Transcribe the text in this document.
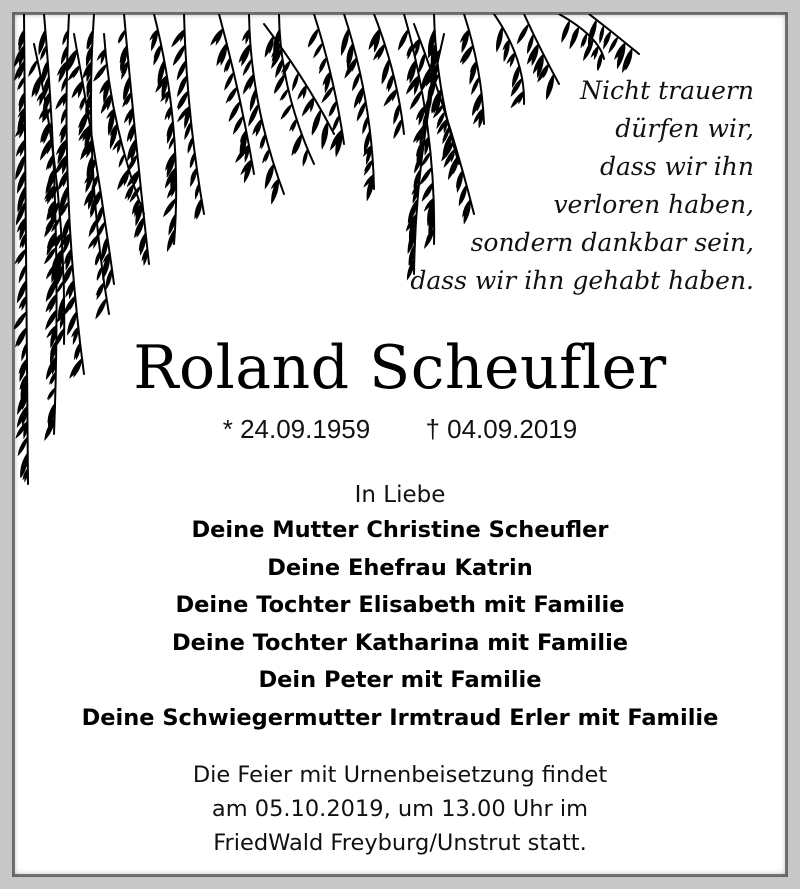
Nicht trauern
dürfen wir,
dass wir ihn
verloren haben,
sondern dankbar sein,
dass wir ihn gehabt haben.
Roland Scheufler
* 24.09.1959 † 04.09.2019
In Liebe
Deine Mutter Christine Scheufler
Deine Ehefrau Katrin
Deine Tochter Elisabeth mit Familie
Deine Tochter Katharina mit Familie
Dein Peter mit Familie
Deine Schwiegermutter Irmtraud Erler mit Familie
Die Feier mit Urnenbeisetzung findet
am 05.10.2019, um 13.00 Uhr im
FriedWald Freyburg/Unstrut statt.
